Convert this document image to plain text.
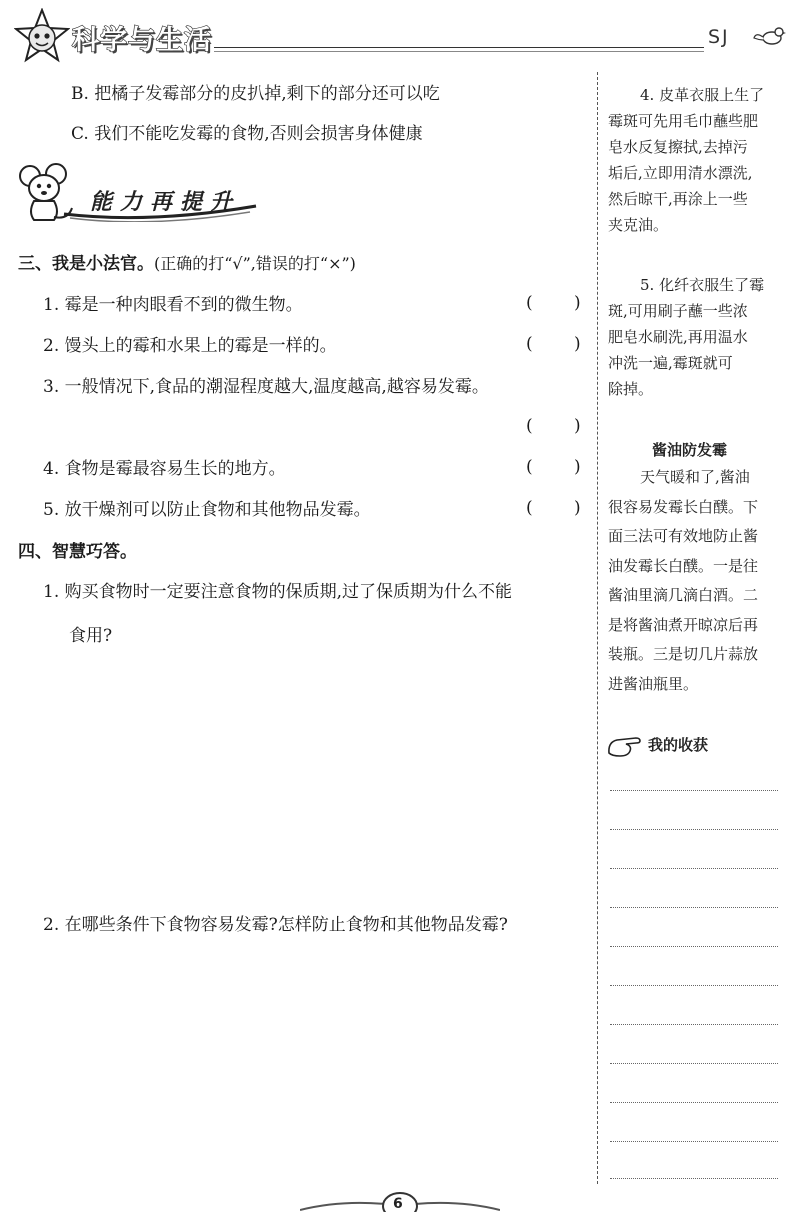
科学与生活	SJ
B. 把橘子发霉部分的皮扒掉,剩下的部分还可以吃
C. 我们不能吃发霉的食物,否则会损害身体健康
能力再提升
三、我是小法官。(正确的打“√”,错误的打“×”)
1. 霉是一种肉眼看不到的微生物。	( )
2. 馒头上的霉和水果上的霉是一样的。	( )
3. 一般情况下,食品的潮湿程度越大,温度越高,越容易发霉。
( )
4. 食物是霉最容易生长的地方。	( )
5. 放干燥剂可以防止食物和其他物品发霉。	( )
四、智慧巧答。
1. 购买食物时一定要注意食物的保质期,过了保质期为什么不能
食用?
2. 在哪些条件下食物容易发霉?怎样防止食物和其他物品发霉?
4. 皮革衣服上生了
霉斑可先用毛巾蘸些肥
皂水反复擦拭,去掉污
垢后,立即用清水漂洗,
然后晾干,再涂上一些
夹克油。
5. 化纤衣服生了霉
斑,可用刷子蘸一些浓
肥皂水刷洗,再用温水
冲洗一遍,霉斑就可
除掉。
酱油防发霉
天气暖和了,酱油
很容易发霉长白醭。下
面三法可有效地防止酱
油发霉长白醭。一是往
酱油里滴几滴白酒。二
是将酱油煮开晾凉后再
装瓶。三是切几片蒜放
进酱油瓶里。
我的收获
6
